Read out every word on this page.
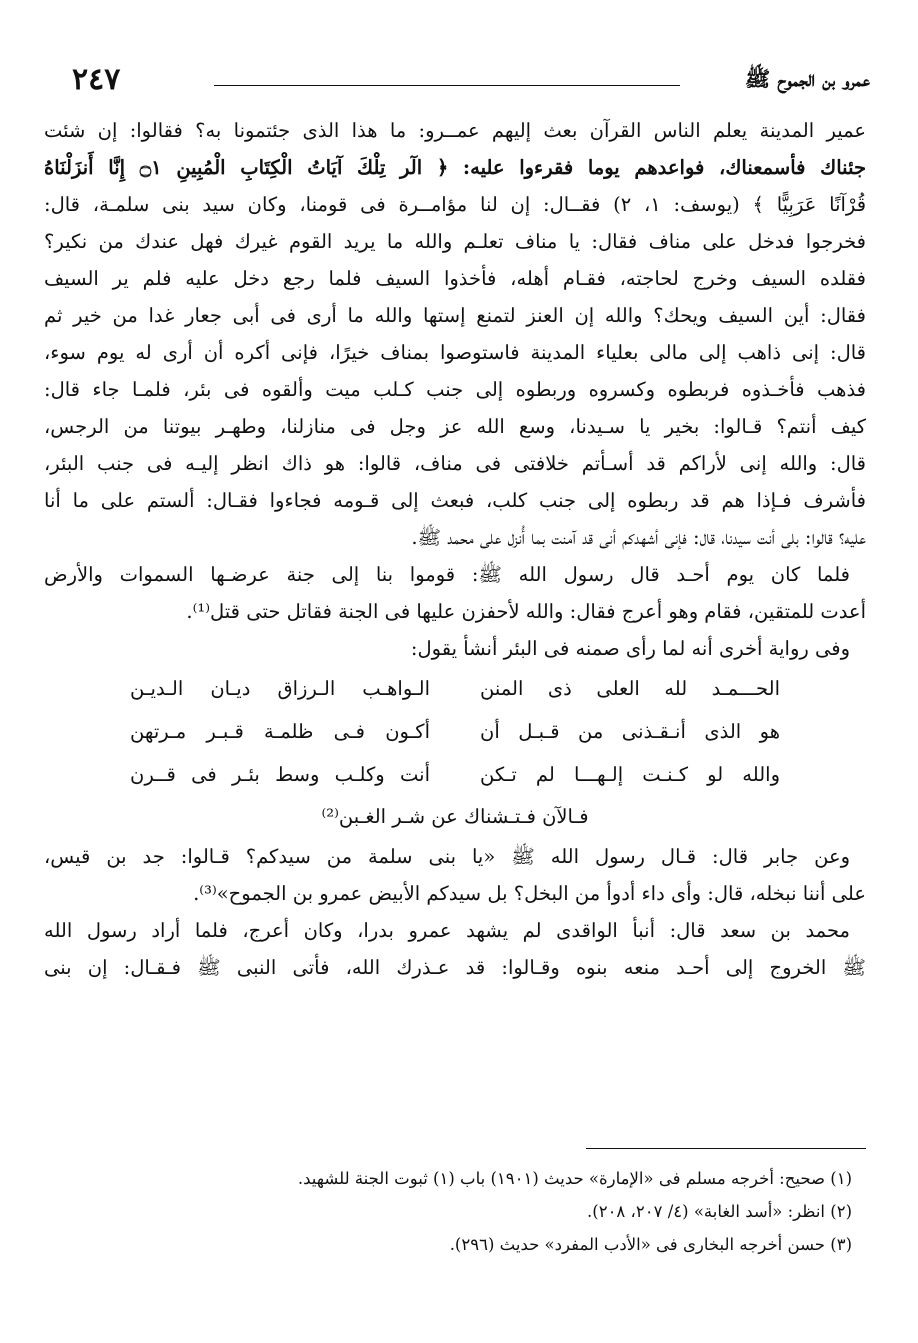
٢٤٧	عمرو بن الجموح ﷺ
عمير المدينة يعلم الناس القرآن بعث إليهم عمــرو: ما هذا الذى جئتمونا به؟ فقالوا: إن شئت
جئناك فأسمعناك، فواعدهم يوما فقرءوا عليه: ﴿ الٓر تِلْكَ آيَاتُ الْكِتَابِ الْمُبِينِ ۝١ إِنَّا أَنزَلْنَاهُ
قُرْآنًا عَرَبِيًّا ﴾ (يوسف: ١، ٢) فقــال: إن لنا مؤامــرة فى قومنا، وكان سيد بنى سلمـة، قال:
فخرجوا فدخل على مناف فقال: يا مناف تعلـم والله ما يريد القوم غيرك فهل عندك من نكير؟
فقلده السيف وخرج لحاجته، فقـام أهله، فأخذوا السيف فلما رجع دخل عليه فلم ير السيف
فقال: أين السيف ويحك؟ والله إن العنز لتمنع إستها والله ما أرى فى أبى جعار غدا من خير ثم
قال: إنى ذاهب إلى مالى بعلياء المدينة فاستوصوا بمناف خيرًا، فإنى أكره أن أرى له يوم سوء،
فذهب فأخـذوه فربطوه وكسروه وربطوه إلى جنب كـلب ميت وألقوه فى بئر، فلمـا جاء قال:
كيف أنتم؟ قـالوا: بخير يا سـيدنا، وسع الله عز وجل فى منازلنا، وطهـر بيوتنا من الرجس،
قال: والله إنى لأراكم قد أسـأتم خلافتى فى مناف، قالوا: هو ذاك انظر إليـه فى جنب البئر،
فأشرف فـإذا هم قد ربطوه إلى جنب كلب، فبعث إلى قـومه فجاءوا فقـال: ألستم على ما أنا
عليه؟ قالوا: بلى أنت سيدنا، قال: فإنى أشهدكم أنى قد آمنت بما أُنزل على محمد ﷺ.
فلما كان يوم أحـد قال رسول الله ﷺ: قوموا بنا إلى جنة عرضـها السموات والأرض
أعدت للمتقين، فقام وهو أعرج فقال: والله لأحفزن عليها فى الجنة فقاتل حتى قتل⁽¹⁾.
وفى رواية أخرى أنه لما رأى صمنه فى البئر أنشأ يقول:
الحـــمـد لله العلى ذى المنن
الـواهـب الـرزاق ديـان الـديـن
هو الذى أنـقـذنى من قـبـل أن
أكـون فـى ظلمـة قـبـر مـرتهن
والله لو كـنـت إلـهـــا لم تـكن
أنت وكلـب وسط بئـر فى قــرن
فـالآن فـتـشناك عن شـر الغـبن⁽²⁾
وعن جابر قال: قـال رسول الله ﷺ «يا بنى سلمة من سيدكم؟ قـالوا: جد بن قيس،
على أننا نبخله، قال: وأى داء أدوأ من البخل؟ بل سيدكم الأبيض عمرو بن الجموح»⁽³⁾.
محمد بن سعد قال: أنبأ الواقدى لم يشهد عمرو بدرا، وكان أعرج، فلما أراد رسول الله
ﷺ الخروج إلى أحـد منعه بنوه وقـالوا: قد عـذرك الله، فأتى النبى ﷺ فـقـال: إن بنى
(١) صحيح: أخرجه مسلم فى «الإمارة» حديث (١٩٠١) باب (١) ثبوت الجنة للشهيد.
(٢) انظر: «أسد الغابة» (٤/ ٢٠٧، ٢٠٨).
(٣) حسن أخرجه البخارى فى «الأدب المفرد» حديث (٢٩٦).
